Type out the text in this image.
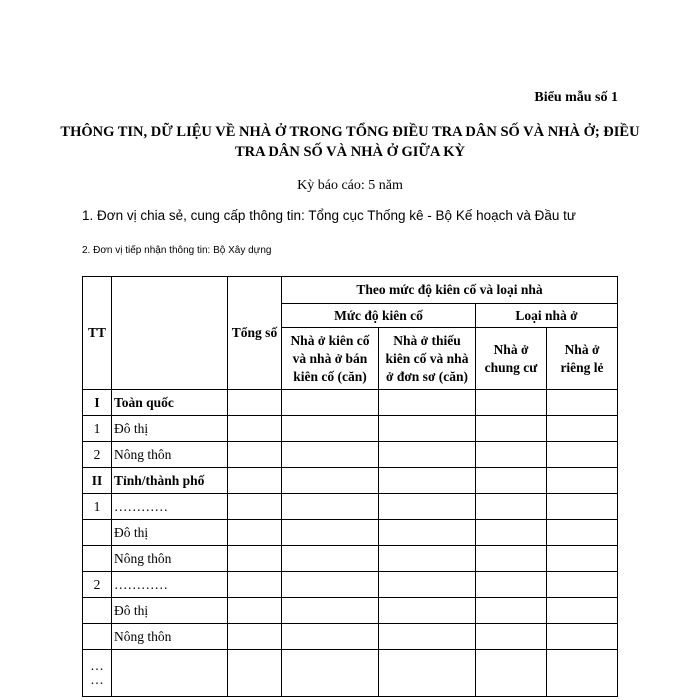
Biểu mẫu số 1
THÔNG TIN, DỮ LIỆU VỀ NHÀ Ở TRONG TỔNG ĐIỀU TRA DÂN SỐ VÀ NHÀ Ở; ĐIỀU TRA DÂN SỐ VÀ NHÀ Ở GIỮA KỲ
Kỳ báo cáo: 5 năm
1. Đơn vị chia sẻ, cung cấp thông tin: Tổng cục Thống kê - Bộ Kế hoạch và Đầu tư
2. Đơn vị tiếp nhận thông tin: Bộ Xây dựng
TT		Tổng số	Theo mức độ kiên cố và loại nhà			
			Mức độ kiên cố		Loại nhà ở	
			Nhà ở kiên cố và nhà ở bán kiên cố (căn)	Nhà ở thiếu kiên cố và nhà ở đơn sơ (căn)	Nhà ở chung cư	Nhà ở riêng lẻ
I	Toàn quốc					
1	Đô thị					
2	Nông thôn					
II	Tỉnh/thành phố					
1	…………					
	Đô thị					
	Nông thôn					
2	…………					
	Đô thị					
	Nông thôn					
…
…						
